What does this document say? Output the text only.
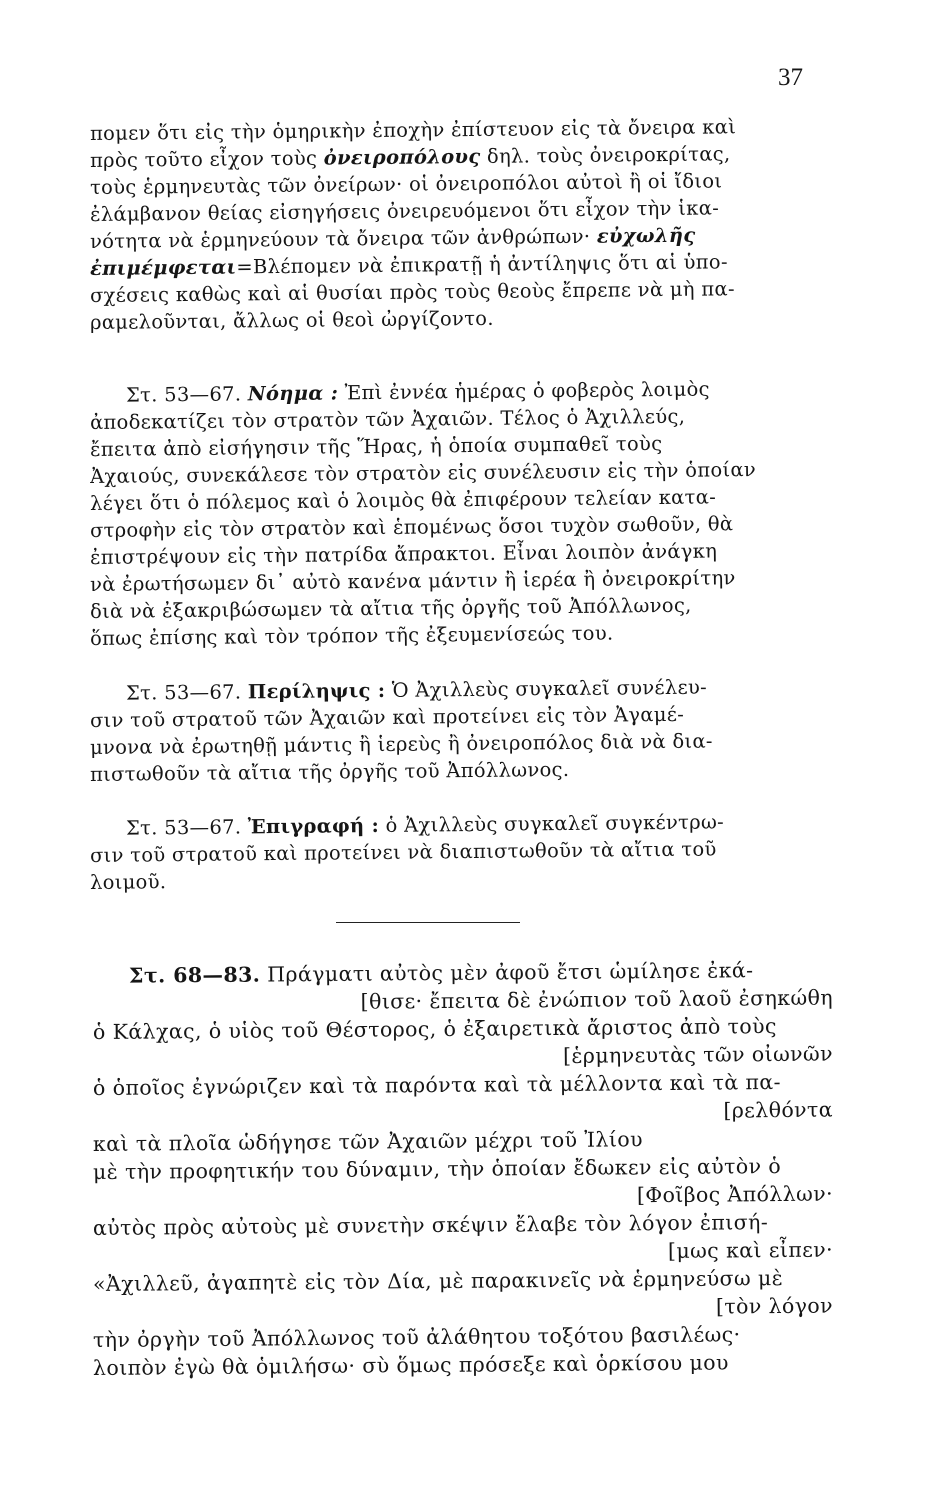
37
πομεν ὅτι εἰς τὴν ὁμηρικὴν ἐποχὴν ἐπίστευον εἰς τὰ ὄνειρα καὶ
πρὸς τοῦτο εἶχον τοὺς ὀνειροπόλους δηλ. τοὺς ὀνειροκρίτας,
τοὺς ἑρμηνευτὰς τῶν ὀνείρων· οἱ ὀνειροπόλοι αὐτοὶ ἢ οἱ ἴδιοι
ἐλάμβανον θείας εἰσηγήσεις ὀνειρευόμενοι ὅτι εἶχον τὴν ἱκα-
νότητα νὰ ἑρμηνεύουν τὰ ὄνειρα τῶν ἀνθρώπων· εὐχωλῆς
ἐπιμέμφεται=Βλέπομεν νὰ ἐπικρατῇ ἡ ἀντίληψις ὅτι αἱ ὑπο-
σχέσεις καθὼς καὶ αἱ θυσίαι πρὸς τοὺς θεοὺς ἔπρεπε νὰ μὴ πα-
ραμελοῦνται, ἄλλως οἱ θεοὶ ὠργίζοντο.
Στ. 53—67. Νόημα : Ἐπὶ ἐννέα ἡμέρας ὁ φοβερὸς λοιμὸς
ἀποδεκατίζει τὸν στρατὸν τῶν Ἀχαιῶν. Τέλος ὁ Ἀχιλλεύς,
ἔπειτα ἀπὸ εἰσήγησιν τῆς Ἥρας, ἡ ὁποία συμπαθεῖ τοὺς
Ἀχαιούς, συνεκάλεσε τὸν στρατὸν εἰς συνέλευσιν εἰς τὴν ὁποίαν
λέγει ὅτι ὁ πόλεμος καὶ ὁ λοιμὸς θὰ ἐπιφέρουν τελείαν κατα-
στροφὴν εἰς τὸν στρατὸν καὶ ἑπομένως ὅσοι τυχὸν σωθοῦν, θὰ
ἐπιστρέψουν εἰς τὴν πατρίδα ἄπρακτοι. Εἶναι λοιπὸν ἀνάγκη
νὰ ἐρωτήσωμεν δι᾽ αὐτὸ κανένα μάντιν ἢ ἱερέα ἢ ὀνειροκρίτην
διὰ νὰ ἐξακριβώσωμεν τὰ αἴτια τῆς ὀργῆς τοῦ Ἀπόλλωνος,
ὅπως ἐπίσης καὶ τὸν τρόπον τῆς ἐξευμενίσεώς του.
Στ. 53—67. Περίληψις : Ὁ Ἀχιλλεὺς συγκαλεῖ συνέλευ-
σιν τοῦ στρατοῦ τῶν Ἀχαιῶν καὶ προτείνει εἰς τὸν Ἀγαμέ-
μνονα νὰ ἐρωτηθῇ μάντις ἢ ἱερεὺς ἢ ὀνειροπόλος διὰ νὰ δια-
πιστωθοῦν τὰ αἴτια τῆς ὀργῆς τοῦ Ἀπόλλωνος.
Στ. 53—67. Ἐπιγραφή : ὁ Ἀχιλλεὺς συγκαλεῖ συγκέντρω-
σιν τοῦ στρατοῦ καὶ προτείνει νὰ διαπιστωθοῦν τὰ αἴτια τοῦ
λοιμοῦ.
Στ. 68—83. Πράγματι αὐτὸς μὲν ἀφοῦ ἔτσι ὡμίλησε ἐκά-
[θισε· ἔπειτα δὲ ἐνώπιον τοῦ λαοῦ ἐσηκώθη
ὁ Κάλχας, ὁ υἱὸς τοῦ Θέστορος, ὁ ἐξαιρετικὰ ἄριστος ἀπὸ τοὺς
[ἑρμηνευτὰς τῶν οἰωνῶν
ὁ ὁποῖος ἐγνώριζεν καὶ τὰ παρόντα καὶ τὰ μέλλοντα καὶ τὰ πα-
[ρελθόντα
καὶ τὰ πλοῖα ὡδήγησε τῶν Ἀχαιῶν μέχρι τοῦ Ἰλίου
μὲ τὴν προφητικήν του δύναμιν, τὴν ὁποίαν ἔδωκεν εἰς αὐτὸν ὁ
[Φοῖβος Ἀπόλλων·
αὐτὸς πρὸς αὐτοὺς μὲ συνετὴν σκέψιν ἔλαβε τὸν λόγον ἐπισή-
[μως καὶ εἶπεν·
«Ἀχιλλεῦ, ἀγαπητὲ εἰς τὸν Δία, μὲ παρακινεῖς νὰ ἑρμηνεύσω μὲ
[τὸν λόγον
τὴν ὀργὴν τοῦ Ἀπόλλωνος τοῦ ἀλάθητου τοξότου βασιλέως·
λοιπὸν ἐγὼ θὰ ὁμιλήσω· σὺ ὅμως πρόσεξε καὶ ὁρκίσου μου
